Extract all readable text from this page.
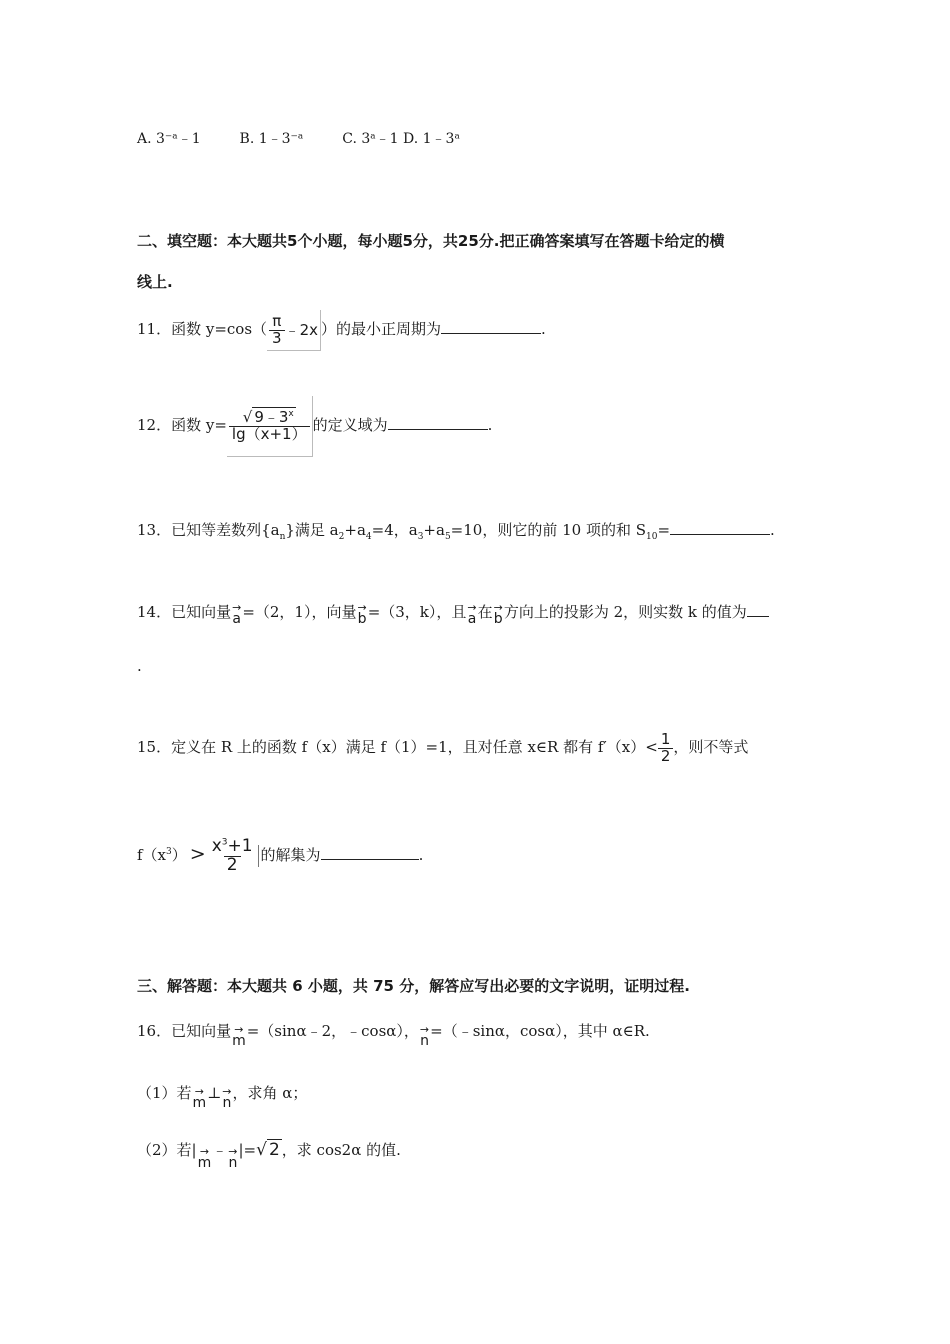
A. 3⁻ᵃ﹣1	B. 1﹣3⁻ᵃ	C. 3ᵃ﹣1 D. 1﹣3ᵃ
二、填空题：本大题共5个小题，每小题5分，共25分.把正确答案填写在答题卡给定的横
线上.
11．函数 $y=\cos( \frac{\pi}{3}$ ﹣2x ）的最小正周期为	.
12．函数 $y= \frac{√ 9﹣3^x}{\lg(x+1)}$ 的定义域为	.
13．已知等差数列$\{a_n\}$满足 $a_2+a_4=4$，$a_3+a_5=10$，则它的前 10 项的和 $S_{10}=$	.
14．已知向量 →
a =（2，1），向量 →
b =（3，k），且 →
a 在 →
b 方向上的投影为 2，则实数 k 的值为
.
15．定义在 R 上的函数 f（x）满足 f（1）=1，且对任意 x∈R 都有 $f'(x)< \frac{1}{2}$ ，则不等式
$f(x^3) > \frac{x^3+1}{2}$ 的解集为	.
三、解答题：本大题共 6 小题，共 75 分，解答应写出必要的文字说明，证明过程.
16．已知向量 →
m
=（sinα﹣2，﹣cosα）， →
n
=（﹣sinα，cosα），其中 α∈R.
（1）若 →
m
⊥ →
n
，求角 α；
（2）若| →
m
﹣ →
n
|=√ 2 ，求 cos2α 的值.
